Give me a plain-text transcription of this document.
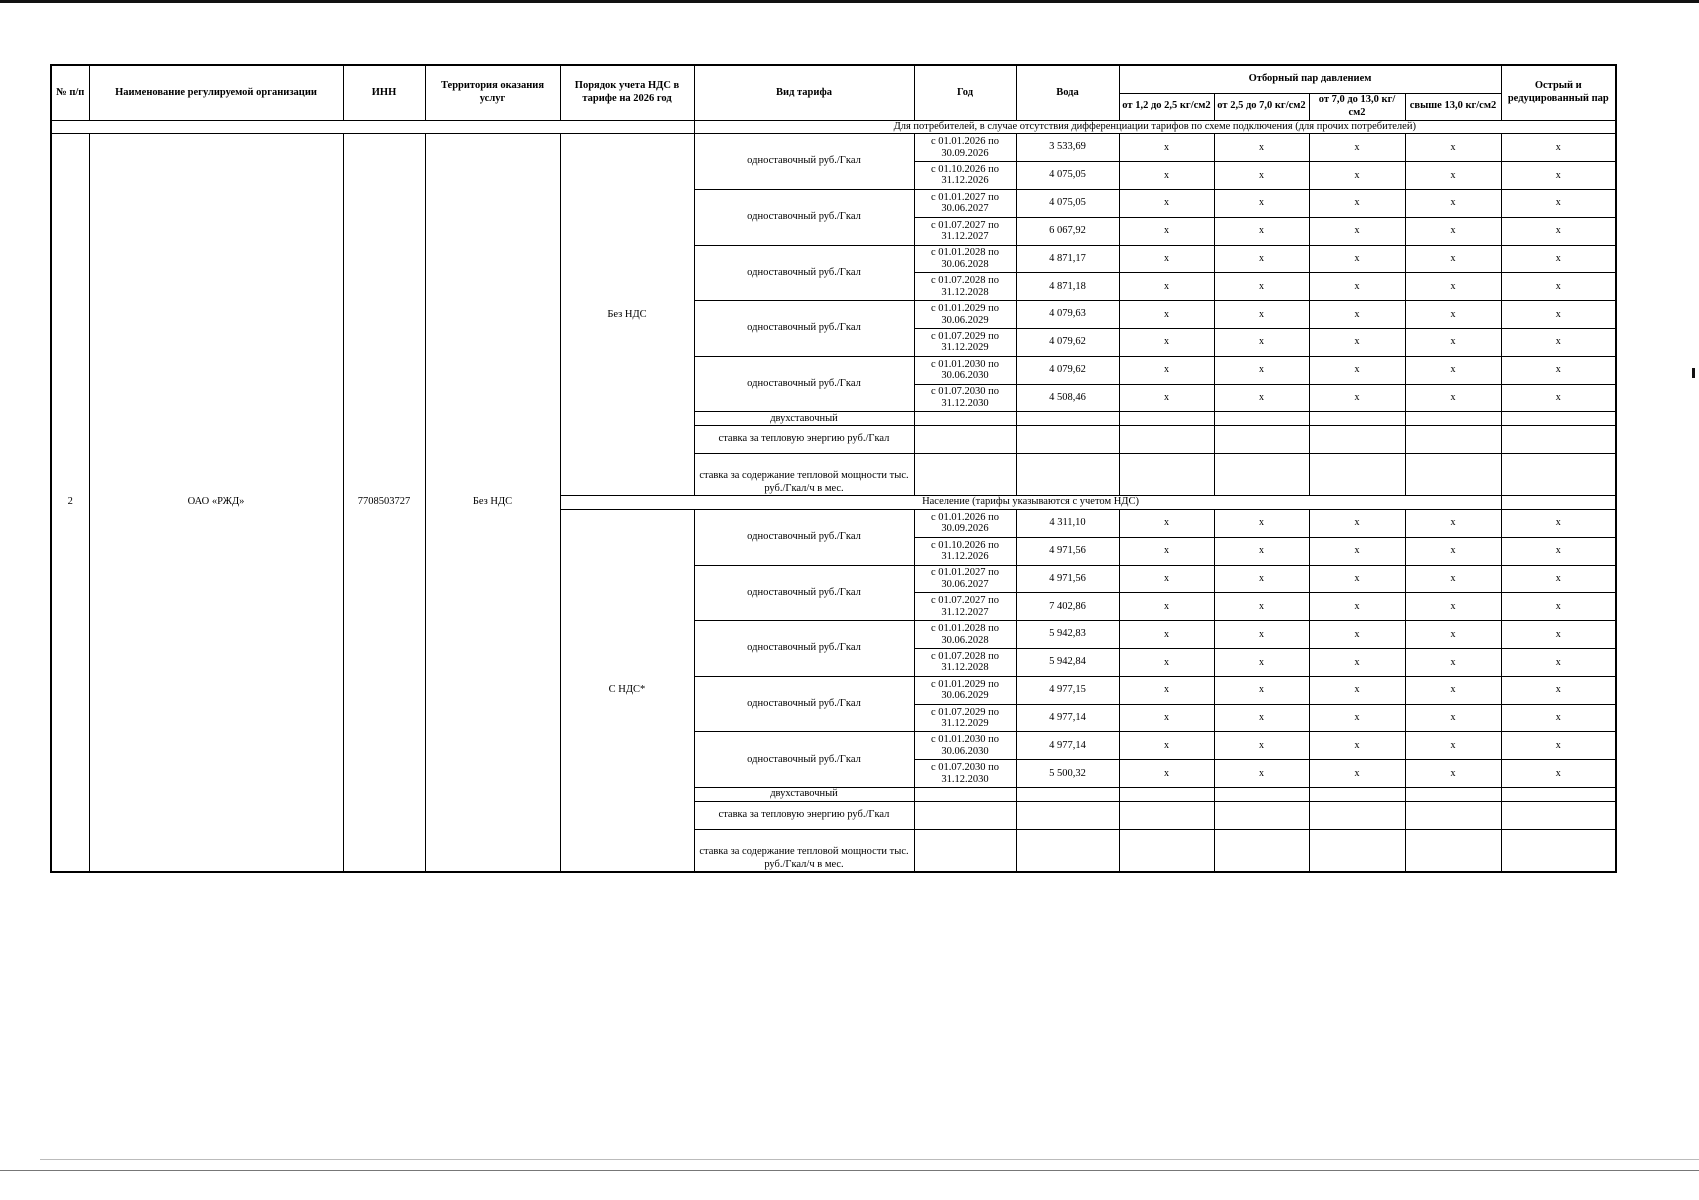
№ п/п	Наименование регулируемой организации	ИНН	Территория оказания услуг	Порядок учета НДС в тарифе на 2026 год	Вид тарифа	Год	Вода	Отборный пар давлением				Острый и редуцированный пар
								от 1,2 до 2,5 кг/см2	от 2,5 до 7,0 кг/см2	от 7,0 до 13,0 кг/см2	свыше 13,0 кг/см2	
					Для потребителей, в случае отсутствия дифференциации тарифов по схеме подключения (для прочих потребителей)							
2	ОАО «РЖД»	7708503727	Без НДС	Без НДС	одноставочный руб./Гкал	с 01.01.2026 по 30.09.2026	3 533,69	x	x	x	x	x
						с 01.10.2026 по 31.12.2026	4 075,05	x	x	x	x	x
					одноставочный руб./Гкал	с 01.01.2027 по 30.06.2027	4 075,05	x	x	x	x	x
						с 01.07.2027 по 31.12.2027	6 067,92	x	x	x	x	x
					одноставочный руб./Гкал	с 01.01.2028 по 30.06.2028	4 871,17	x	x	x	x	x
						с 01.07.2028 по 31.12.2028	4 871,18	x	x	x	x	x
					одноставочный руб./Гкал	с 01.01.2029 по 30.06.2029	4 079,63	x	x	x	x	x
						с 01.07.2029 по 31.12.2029	4 079,62	x	x	x	x	x
					одноставочный руб./Гкал	с 01.01.2030 по 30.06.2030	4 079,62	x	x	x	x	x
						с 01.07.2030 по 31.12.2030	4 508,46	x	x	x	x	x
					двухставочный							
					ставка за тепловую энергию руб./Гкал							
					ставка за содержание тепловой мощности тыс. руб./Гкал/ч в мес.							
				Население (тарифы указываются с учетом НДС)								
				С НДС*	одноставочный руб./Гкал	с 01.01.2026 по 30.09.2026	4 311,10	x	x	x	x	x
						с 01.10.2026 по 31.12.2026	4 971,56	x	x	x	x	x
					одноставочный руб./Гкал	с 01.01.2027 по 30.06.2027	4 971,56	x	x	x	x	x
						с 01.07.2027 по 31.12.2027	7 402,86	x	x	x	x	x
					одноставочный руб./Гкал	с 01.01.2028 по 30.06.2028	5 942,83	x	x	x	x	x
						с 01.07.2028 по 31.12.2028	5 942,84	x	x	x	x	x
					одноставочный руб./Гкал	с 01.01.2029 по 30.06.2029	4 977,15	x	x	x	x	x
						с 01.07.2029 по 31.12.2029	4 977,14	x	x	x	x	x
					одноставочный руб./Гкал	с 01.01.2030 по 30.06.2030	4 977,14	x	x	x	x	x
						с 01.07.2030 по 31.12.2030	5 500,32	x	x	x	x	x
					двухставочный							
					ставка за тепловую энергию руб./Гкал							
					ставка за содержание тепловой мощности тыс. руб./Гкал/ч в мес.							
